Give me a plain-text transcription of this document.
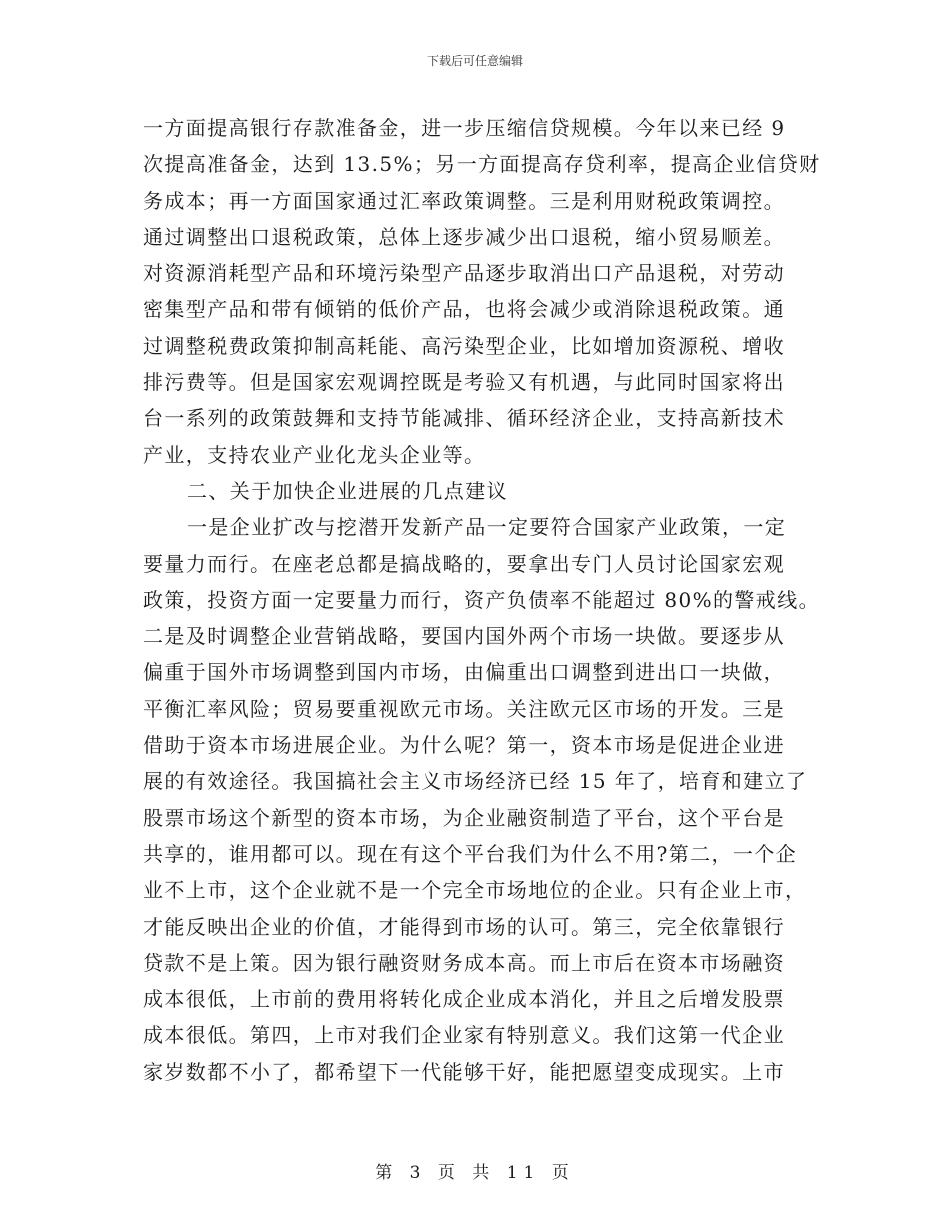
下载后可任意编辑
一方面提高银行存款准备金，进一步压缩信贷规模。今年以来已经 9
次提高准备金，达到 13.5%；另一方面提高存贷利率，提高企业信贷财
务成本；再一方面国家通过汇率政策调整。三是利用财税政策调控。
通过调整出口退税政策，总体上逐步减少出口退税，缩小贸易顺差。
对资源消耗型产品和环境污染型产品逐步取消出口产品退税，对劳动
密集型产品和带有倾销的低价产品，也将会减少或消除退税政策。通
过调整税费政策抑制高耗能、高污染型企业，比如增加资源税、增收
排污费等。但是国家宏观调控既是考验又有机遇，与此同时国家将出
台一系列的政策鼓舞和支持节能减排、循环经济企业，支持高新技术
产业，支持农业产业化龙头企业等。
二、关于加快企业进展的几点建议
一是企业扩改与挖潜开发新产品一定要符合国家产业政策，一定
要量力而行。在座老总都是搞战略的，要拿出专门人员讨论国家宏观
政策，投资方面一定要量力而行，资产负债率不能超过 80%的警戒线。
二是及时调整企业营销战略，要国内国外两个市场一块做。要逐步从
偏重于国外市场调整到国内市场，由偏重出口调整到进出口一块做，
平衡汇率风险；贸易要重视欧元市场。关注欧元区市场的开发。三是
借助于资本市场进展企业。为什么呢？第一，资本市场是促进企业进
展的有效途径。我国搞社会主义市场经济已经 15 年了，培育和建立了
股票市场这个新型的资本市场，为企业融资制造了平台，这个平台是
共享的，谁用都可以。现在有这个平台我们为什么不用?第二，一个企
业不上市，这个企业就不是一个完全市场地位的企业。只有企业上市，
才能反映出企业的价值，才能得到市场的认可。第三，完全依靠银行
贷款不是上策。因为银行融资财务成本高。而上市后在资本市场融资
成本很低，上市前的费用将转化成企业成本消化，并且之后增发股票
成本很低。第四，上市对我们企业家有特别意义。我们这第一代企业
家岁数都不小了，都希望下一代能够干好，能把愿望变成现实。上市
第 3 页 共 11 页
